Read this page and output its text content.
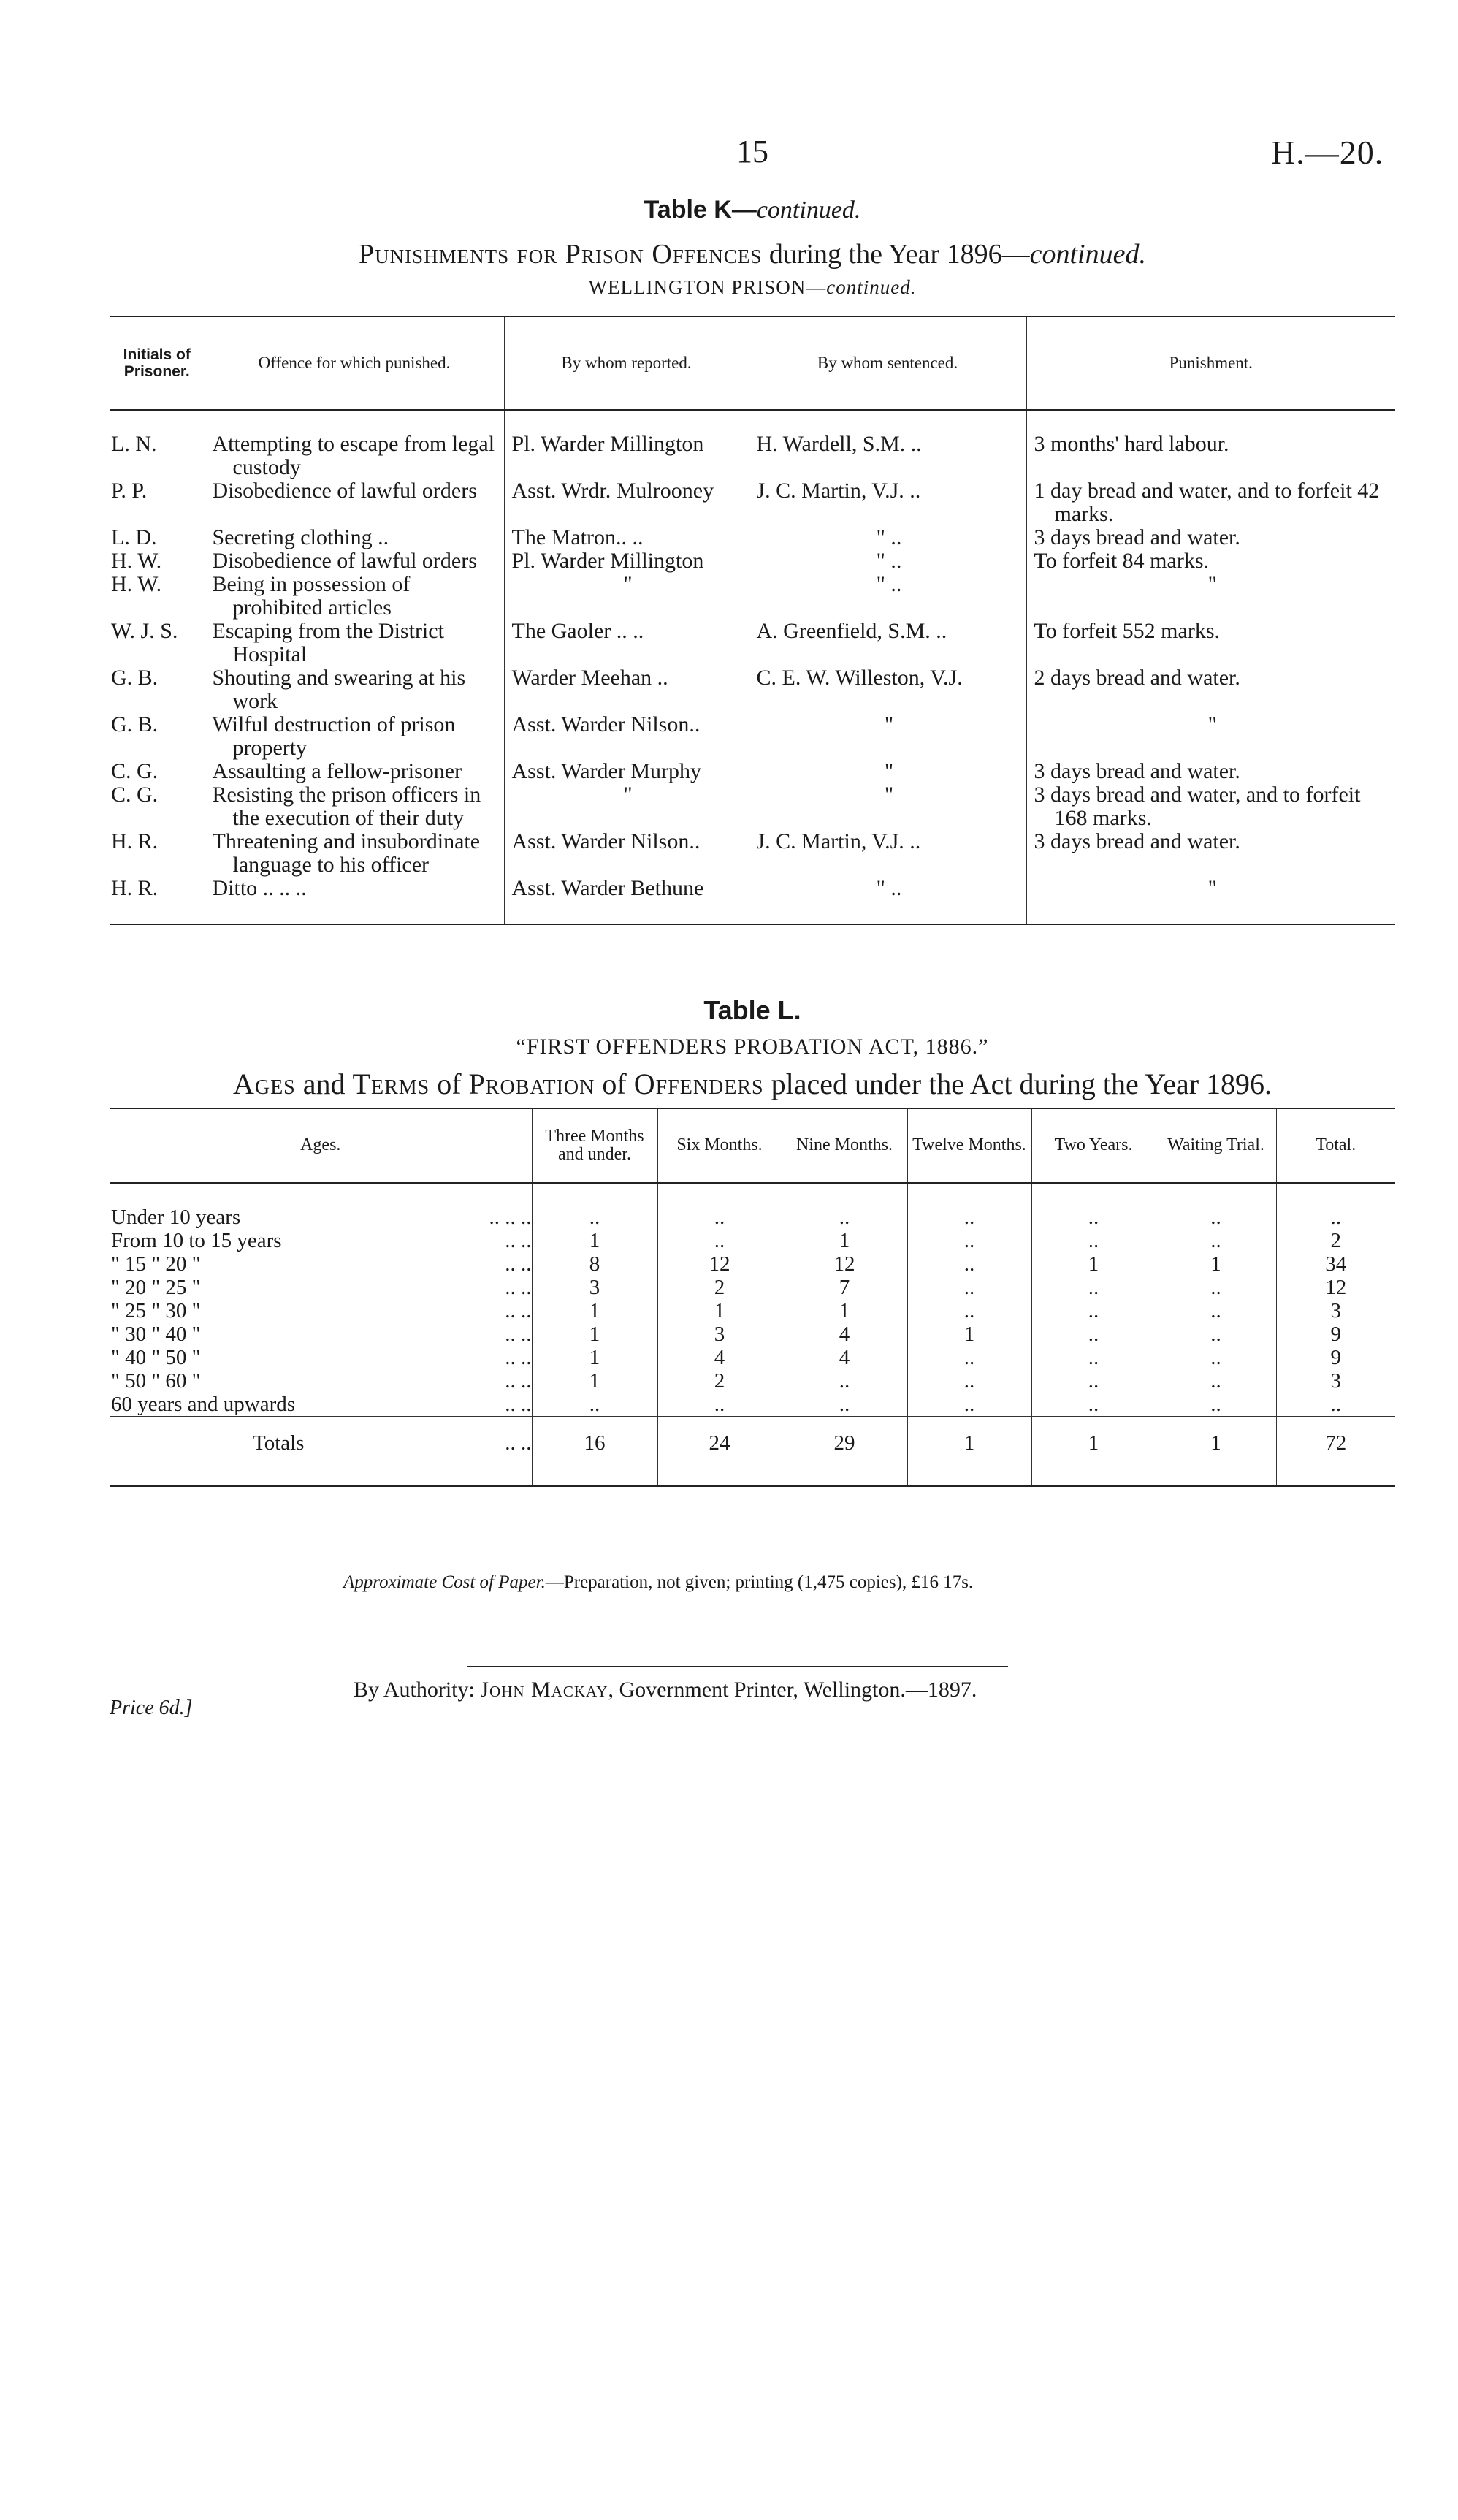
15	H.—20.
Table K—continued.
Punishments for Prison Offences during the Year 1896—continued.
WELLINGTON PRISON—continued.
Initials of Prisoner.	Offence for which punished.	By whom reported.	By whom sentenced.	Punishment.

L. N.	Attempting to escape from legal custody	Pl. Warder Millington	H. Wardell, S.M. ..	3 months' hard labour.
P. P.	Disobedience of lawful orders	Asst. Wrdr. Mulrooney	J. C. Martin, V.J. ..	1 day bread and water, and to forfeit 42 marks.
L. D.	Secreting clothing ..	The Matron.. ..	" ..	3 days bread and water.
H. W.	Disobedience of lawful orders	Pl. Warder Millington	" ..	To forfeit 84 marks.
H. W.	Being in possession of prohibited articles	"	" ..	"
W. J. S.	Escaping from the District Hospital	The Gaoler .. ..	A. Greenfield, S.M. ..	To forfeit 552 marks.
G. B.	Shouting and swearing at his work	Warder Meehan ..	C. E. W. Willeston, V.J.	2 days bread and water.
G. B.	Wilful destruction of prison property	Asst. Warder Nilson..	"	"
C. G.	Assaulting a fellow-prisoner	Asst. Warder Murphy	"	3 days bread and water.
C. G.	Resisting the prison officers in the execution of their duty	"	"	3 days bread and water, and to forfeit 168 marks.
H. R.	Threatening and insubordinate language to his officer	Asst. Warder Nilson..	J. C. Martin, V.J. ..	3 days bread and water.
H. R.	Ditto .. .. ..	Asst. Warder Bethune	" ..	"

Table L.
“FIRST OFFENDERS PROBATION ACT, 1886.”
Ages and Terms of Probation of Offenders placed under the Act during the Year 1896.
Ages.	Three Months and under.	Six Months.	Nine Months.	Twelve Months.	Two Years.	Waiting Trial.	Total.

Under 10 years .. .. ..	..	..	..	..	..	..	..
From 10 to 15 years .. ..	1	..	1	..	..	..	2
" 15 " 20 " .. ..	8	12	12	..	1	1	34
" 20 " 25 " .. ..	3	2	7	..	..	..	12
" 25 " 30 " .. ..	1	1	1	..	..	..	3
" 30 " 40 " .. ..	1	3	4	1	..	..	9
" 40 " 50 " .. ..	1	4	4	..	..	..	9
" 50 " 60 " .. ..	1	2	..	..	..	..	3
60 years and upwards .. ..	..	..	..	..	..	..	..
Totals .. ..	16	24	29	1	1	1	72

Approximate Cost of Paper.—Preparation, not given; printing (1,475 copies), £16 17s.
By Authority: John Mackay, Government Printer, Wellington.—1897.
Price 6d.]
